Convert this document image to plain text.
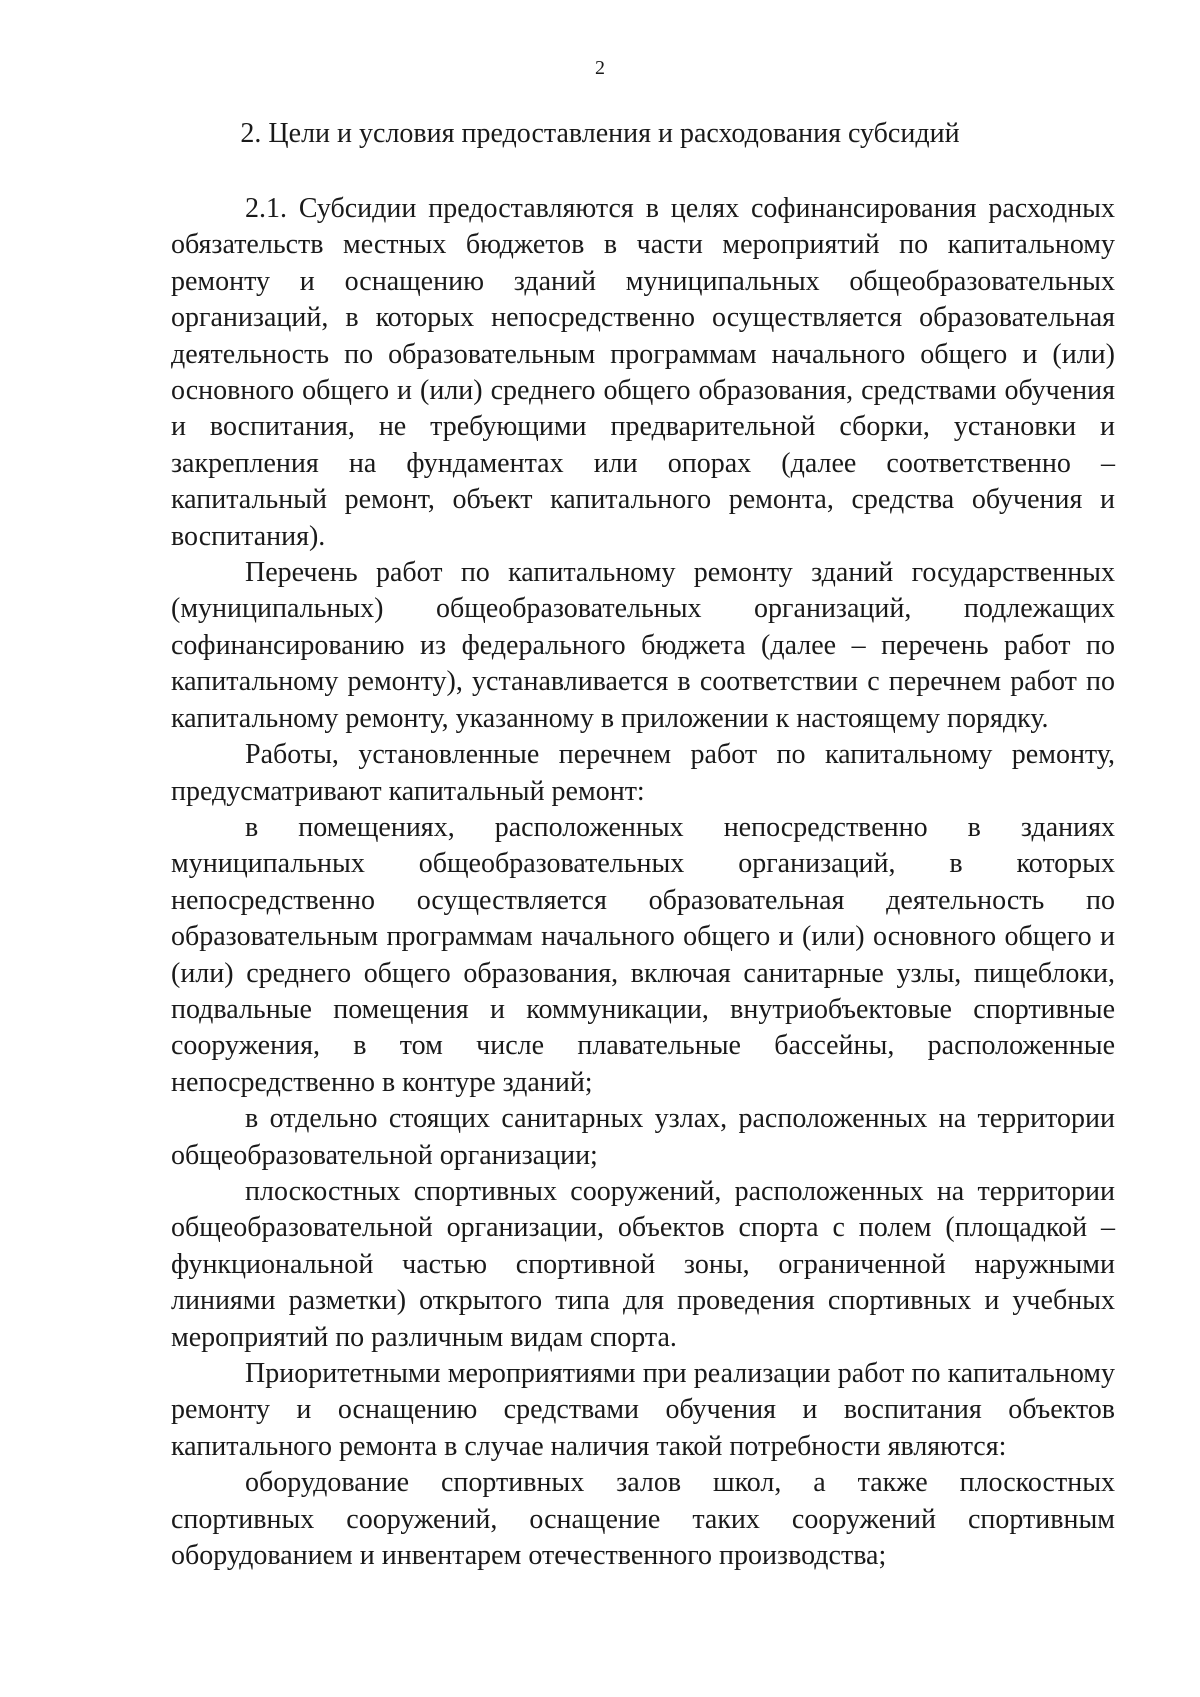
2
2. Цели и условия предоставления и расходования субсидий

2.1. Субсидии предоставляются в целях софинансирования расходных обязательств местных бюджетов в части мероприятий по капитальному ремонту и оснащению зданий муниципальных общеобразовательных организаций, в которых непосредственно осуществляется образовательная деятельность по образовательным программам начального общего и (или) основного общего и (или) среднего общего образования, средствами обучения и воспитания, не требующими предварительной сборки, установки и закрепления на фундаментах или опорах (далее соответственно – капитальный ремонт, объект капитального ремонта, средства обучения и воспитания).

Перечень работ по капитальному ремонту зданий государственных (муниципальных) общеобразовательных организаций, подлежащих софинансированию из федерального бюджета (далее – перечень работ по капитальному ремонту), устанавливается в соответствии с перечнем работ по капитальному ремонту, указанному в приложении к настоящему порядку.

Работы, установленные перечнем работ по капитальному ремонту, предусматривают капитальный ремонт:

в помещениях, расположенных непосредственно в зданиях муниципальных общеобразовательных организаций, в которых непосредственно осуществляется образовательная деятельность по образовательным программам начального общего и (или) основного общего и (или) среднего общего образования, включая санитарные узлы, пищеблоки, подвальные помещения и коммуникации, внутриобъектовые спортивные сооружения, в том числе плавательные бассейны, расположенные непосредственно в контуре зданий;

в отдельно стоящих санитарных узлах, расположенных на территории общеобразовательной организации;

плоскостных спортивных сооружений, расположенных на территории общеобразовательной организации, объектов спорта с полем (площадкой – функциональной частью спортивной зоны, ограниченной наружными линиями разметки) открытого типа для проведения спортивных и учебных мероприятий по различным видам спорта.

Приоритетными мероприятиями при реализации работ по капитальному ремонту и оснащению средствами обучения и воспитания объектов капитального ремонта в случае наличия такой потребности являются:

оборудование спортивных залов школ, а также плоскостных спортивных сооружений, оснащение таких сооружений спортивным оборудованием и инвентарем отечественного производства;
